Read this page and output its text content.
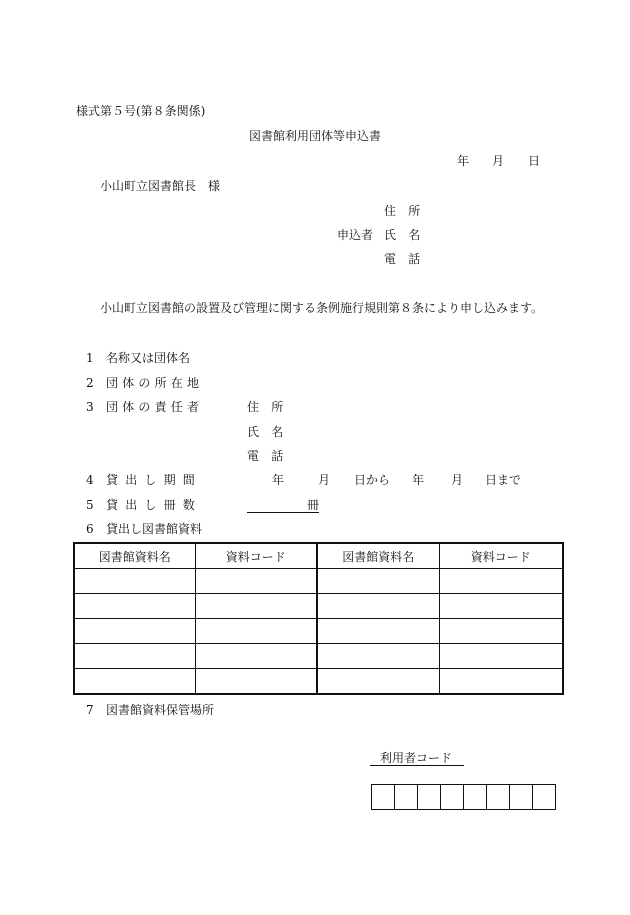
様式第５号(第８条関係)
図書館利用団体等申込書
年 月 日
小山町立図書館長　様
住 所
申込者 氏 名
電 話
小山町立図書館の設置及び管理に関する条例施行規則第８条により申し込みます。
1 名称又は団体名
2 団体の所在地
3 団体の責任者	住 所
氏 名
電 話
4 貸出し期間	年	月 日から 年 月 日まで
5 貸出し冊数	冊
6 貸出し図書館資料
図書館資料名	資料コード	図書館資料名	資料コード

7 図書館資料保管場所
利用者コード
